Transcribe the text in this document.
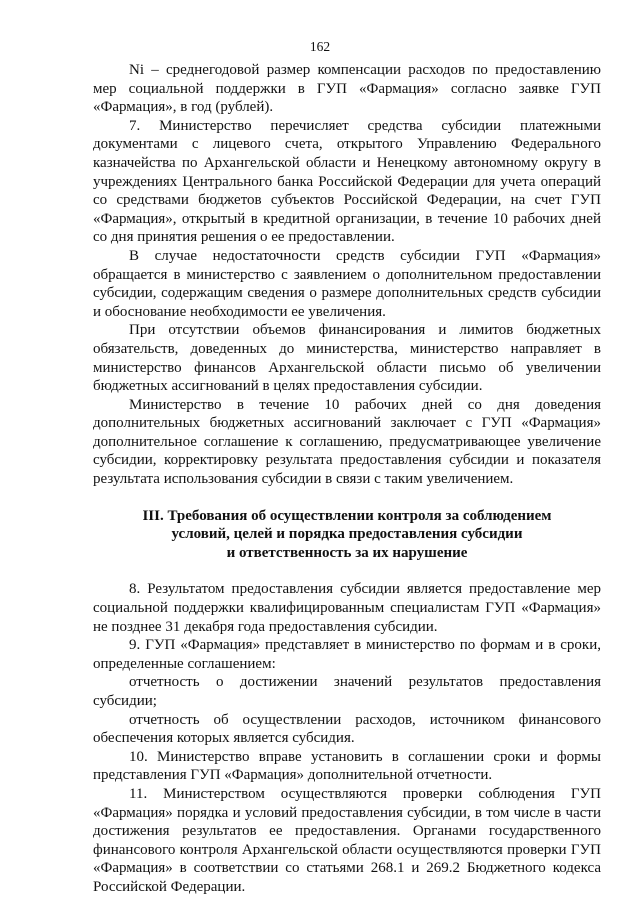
162

Ni – среднегодовой размер компенсации расходов по предоставлению мер социальной поддержки в ГУП «Фармация» согласно заявке ГУП «Фармация», в год (рублей).

7. Министерство перечисляет средства субсидии платежными документами с лицевого счета, открытого Управлению Федерального казначейства по Архангельской области и Ненецкому автономному округу в учреждениях Центрального банка Российской Федерации для учета операций со средствами бюджетов субъектов Российской Федерации, на счет ГУП «Фармация», открытый в кредитной организации, в течение 10 рабочих дней со дня принятия решения о ее предоставлении.

В случае недостаточности средств субсидии ГУП «Фармация» обращается в министерство с заявлением о дополнительном предоставлении субсидии, содержащим сведения о размере дополнительных средств субсидии и обоснование необходимости ее увеличения.

При отсутствии объемов финансирования и лимитов бюджетных обязательств, доведенных до министерства, министерство направляет в министерство финансов Архангельской области письмо об увеличении бюджетных ассигнований в целях предоставления субсидии.

Министерство в течение 10 рабочих дней со дня доведения дополнительных бюджетных ассигнований заключает с ГУП «Фармация» дополнительное соглашение к соглашению, предусматривающее увеличение субсидии, корректировку результата предоставления субсидии и показателя результата использования субсидии в связи с таким увеличением.

III. Требования об осуществлении контроля за соблюдением
условий, целей и порядка предоставления субсидии
и ответственность за их нарушение

8. Результатом предоставления субсидии является предоставление мер социальной поддержки квалифицированным специалистам ГУП «Фармация» не позднее 31 декабря года предоставления субсидии.

9. ГУП «Фармация» представляет в министерство по формам и в сроки, определенные соглашением:

отчетность о достижении значений результатов предоставления субсидии;

отчетность об осуществлении расходов, источником финансового обеспечения которых является субсидия.

10. Министерство вправе установить в соглашении сроки и формы представления ГУП «Фармация» дополнительной отчетности.

11. Министерством осуществляются проверки соблюдения ГУП «Фармация» порядка и условий предоставления субсидии, в том числе в части достижения результатов ее предоставления. Органами государственного финансового контроля Архангельской области осуществляются проверки ГУП «Фармация» в соответствии со статьями 268.1 и 269.2 Бюджетного кодекса Российской Федерации.
